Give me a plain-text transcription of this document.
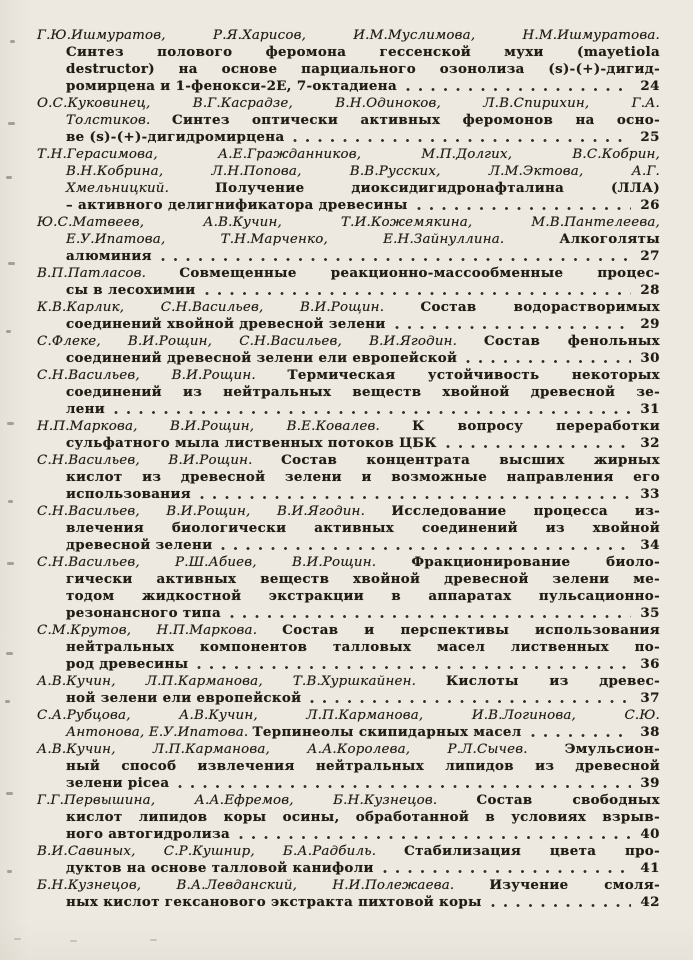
Г.Ю.Ишмуратов, Р.Я.Харисов, И.М.Муслимова, Н.М.Ишмуратова.
Синтез полового феромона гессенской мухи (mayetiola
destructor) на основе парциального озонолиза (s)-(+)-дигид-
ромирцена и 1-фенокси-2Е, 7-октадиена	24
О.С.Куковинец, В.Г.Касрадзе, В.Н.Одиноков, Л.В.Спирихин, Г.А.
Толстиков. Синтез оптически активных феромонов на осно-
ве (s)-(+)-дигидромирцена	25
Т.Н.Герасимова, А.Е.Гражданников, М.П.Долгих, В.С.Кобрин,
В.Н.Кобрина, Л.Н.Попова, В.В.Русских, Л.М.Эктова, А.Г.
Хмельницкий.	Получение диоксидигидронафталина (ЛЛА)
– активного делигнификатора древесины	26
Ю.С.Матвеев, А.В.Кучин, Т.И.Кожемякина, М.В.Пантелеева,
Е.У.Ипатова, Т.Н.Марченко, Е.Н.Зайнуллина.	Алкоголяты
алюминия	27
В.П.Патласов. Совмещенные реакционно-массообменные процес-
сы в лесохимии	28
К.В.Карлик, С.Н.Васильев, В.И.Рощин.	Состав водорастворимых
соединений хвойной древесной зелени	29
С.Флеке, В.И.Рощин, С.Н.Васильев, В.И.Ягодин. Состав фенольных
соединений древесной зелени ели европейской	30
С.Н.Васильев, В.И.Рощин. Термическая устойчивость некоторых
соединений из нейтральных веществ хвойной древесной зе-
лени	31
Н.П.Маркова, В.И.Рощин, В.Е.Ковалев. К вопросу переработки
сульфатного мыла лиственных потоков ЦБК	32
С.Н.Васильев, В.И.Рощин. Состав концентрата высших жирных
кислот из древесной зелени и возможные направления его
использования	33
С.Н.Васильев, В.И.Рощин, В.И.Ягодин. Исследование процесса из-
влечения биологически активных соединений из хвойной
древесной зелени	34
С.Н.Васильев, Р.Ш.Абиев, В.И.Рощин.	Фракционирование биоло-
гически активных веществ хвойной древесной зелени ме-
тодом жидкостной экстракции в аппаратах пульсационно-
резонансного типа	35
С.М.Крутов, Н.П.Маркова. Состав и перспективы использования
нейтральных компонентов талловых масел лиственных по-
род древесины	36
А.В.Кучин, Л.П.Карманова, Т.В.Хуршкайнен. Кислоты из древес-
ной зелени ели европейской	37
С.А.Рубцова, А.В.Кучин, Л.П.Карманова, И.В.Логинова, С.Ю.
Антонова, Е.У.Ипатова. Терпинеолы скипидарных масел	38
А.В.Кучин, Л.П.Карманова, А.А.Королева, Р.Л.Сычев.	Эмульсион-
ный способ извлечения нейтральных липидов из древесной
зелени picea	39
Г.Г.Первышина, А.А.Ефремов, Б.Н.Кузнецов.	Состав свободных
кислот липидов коры осины, обработанной в условиях взрыв-
ного автогидролиза	40
В.И.Савиных, С.Р.Кушнир, Б.А.Радбиль. Стабилизация цвета про-
дуктов на основе талловой канифоли	41
Б.Н.Кузнецов, В.А.Левданский, Н.И.Полежаева.	Изучение смоля-
ных кислот гексанового экстракта пихтовой коры	42
